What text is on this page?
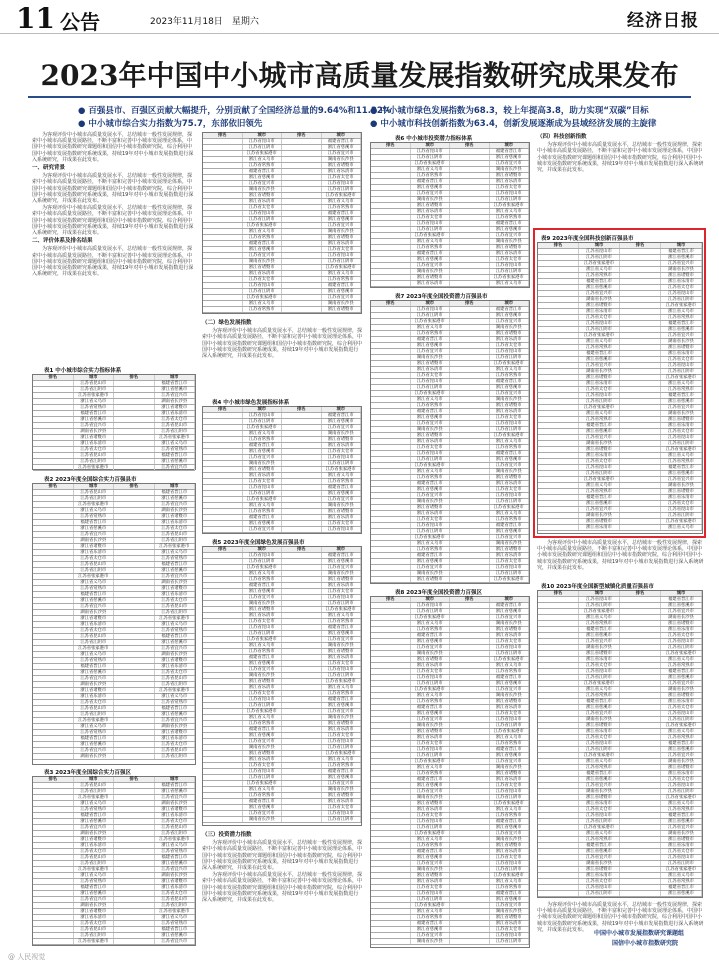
11 公告	2023年11月18日　 星期六	经济日报
2023年中国中小城市高质量发展指数研究成果发布
● 百强县市、百强区贡献大幅提升，分别贡献了全国经济总量的9.64%和11.22%
● 中小城市综合实力指数为75.7，东部依旧领先
● 中小城市绿色发展指数为68.3，较上年提高3.8，助力实现“双碳”目标
● 中小城市科技创新指数为63.4，创新发展逐渐成为县域经济发展的主旋律

为客观评价中小城市高质量发展水平，总结城市一般性发展规律，探索中小城市高质量发展路径，不断丰富和完善中小城市发展理论体系，中国中小城市发展指数研究课题组和国信中小城市指数研究院，综合利用中国中小城市发展指数研究系统成果，持续19年对中小城市发展指数进行深入系统研究，并成果在此发布。

一、研究背景

为客观评价中小城市高质量发展水平，总结城市一般性发展规律，探索中小城市高质量发展路径，不断丰富和完善中小城市发展理论体系，中国中小城市发展指数研究课题组和国信中小城市指数研究院，综合利用中国中小城市发展指数研究系统成果，持续19年对中小城市发展指数进行深入系统研究，并成果在此发布。

为客观评价中小城市高质量发展水平，总结城市一般性发展规律，探索中小城市高质量发展路径，不断丰富和完善中小城市发展理论体系，中国中小城市发展指数研究课题组和国信中小城市指数研究院，综合利用中国中小城市发展指数研究系统成果，持续19年对中小城市发展指数进行深入系统研究，并成果在此发布。

二、评价体系及排名结果

为客观评价中小城市高质量发展水平，总结城市一般性发展规律，探索中小城市高质量发展路径，不断丰富和完善中小城市发展理论体系，中国中小城市发展指数研究课题组和国信中小城市指数研究院，综合利用中国中小城市发展指数研究系统成果，持续19年对中小城市发展指数进行深入系统研究，并成果在此发布。

（二）绿色发展指数

为客观评价中小城市高质量发展水平，总结城市一般性发展规律，探索中小城市高质量发展路径，不断丰富和完善中小城市发展理论体系，中国中小城市发展指数研究课题组和国信中小城市指数研究院，综合利用中国中小城市发展指数研究系统成果，持续19年对中小城市发展指数进行深入系统研究，并成果在此发布。

（三）投资潜力指数

为客观评价中小城市高质量发展水平，总结城市一般性发展规律，探索中小城市高质量发展路径，不断丰富和完善中小城市发展理论体系，中国中小城市发展指数研究课题组和国信中小城市指数研究院，综合利用中国中小城市发展指数研究系统成果，持续19年对中小城市发展指数进行深入系统研究，并成果在此发布。

为客观评价中小城市高质量发展水平，总结城市一般性发展规律，探索中小城市高质量发展路径，不断丰富和完善中小城市发展理论体系，中国中小城市发展指数研究课题组和国信中小城市指数研究院，综合利用中国中小城市发展指数研究系统成果，持续19年对中小城市发展指数进行深入系统研究，并成果在此发布。

（四）科技创新指数

为客观评价中小城市高质量发展水平，总结城市一般性发展规律，探索中小城市高质量发展路径，不断丰富和完善中小城市发展理论体系，中国中小城市发展指数研究课题组和国信中小城市指数研究院，综合利用中国中小城市发展指数研究系统成果，持续19年对中小城市发展指数进行深入系统研究，并成果在此发布。

为客观评价中小城市高质量发展水平，总结城市一般性发展规律，探索中小城市高质量发展路径，不断丰富和完善中小城市发展理论体系，中国中小城市发展指数研究课题组和国信中小城市指数研究院，综合利用中国中小城市发展指数研究系统成果，持续19年对中小城市发展指数进行深入系统研究，并成果在此发布。

为客观评价中小城市高质量发展水平，总结城市一般性发展规律，探索中小城市高质量发展路径，不断丰富和完善中小城市发展理论体系，中国中小城市发展指数研究课题组和国信中小城市指数研究院，综合利用中国中小城市发展指数研究系统成果，持续19年对中小城市发展指数进行深入系统研究，并成果在此发布。

表1 中小城市综合实力指标体系
表2 2023年度全国综合实力百强县市
表3 2023年度全国综合实力百强区
表4 中小城市绿色发展指标体系
表5 2023年度全国绿色发展百强县市
表6 中小城市投资潜力指标体系
表7 2023年度全国投资潜力百强县市
表8 2023年度全国投资潜力百强区
表9 2023年度全国科技创新百强县市
表10 2023年度全国新型城镇化质量百强县市
排名	城市	排名	城市
江苏省昆山市	福建省晋江市
江苏省江阴市	浙江省慈溪市
江苏省张家港市	江苏省宜兴市
浙江省义乌市	湖南省长沙县
江苏省常熟市	浙江省诸暨市
福建省晋江市	浙江省乐清市
浙江省慈溪市	江苏省太仓市
江苏省宜兴市	江苏省昆山市
湖南省长沙县	江苏省江阴市
浙江省诸暨市	江苏省张家港市
浙江省乐清市	浙江省义乌市
江苏省太仓市	江苏省常熟市
江苏省昆山市	福建省晋江市
江苏省江阴市	浙江省慈溪市
江苏省张家港市	江苏省宜兴市
排名	城市	排名	城市
江苏省昆山市	福建省晋江市
江苏省江阴市	浙江省慈溪市
江苏省张家港市	江苏省宜兴市
浙江省义乌市	湖南省长沙县
江苏省常熟市	浙江省诸暨市
福建省晋江市	浙江省乐清市
浙江省慈溪市	江苏省太仓市
江苏省宜兴市	江苏省昆山市
湖南省长沙县	江苏省江阴市
浙江省诸暨市	江苏省张家港市
浙江省乐清市	浙江省义乌市
江苏省太仓市	江苏省常熟市
江苏省昆山市	福建省晋江市
江苏省江阴市	浙江省慈溪市
江苏省张家港市	江苏省宜兴市
浙江省义乌市	湖南省长沙县
江苏省常熟市	浙江省诸暨市
福建省晋江市	浙江省乐清市
浙江省慈溪市	江苏省太仓市
江苏省宜兴市	江苏省昆山市
湖南省长沙县	江苏省江阴市
浙江省诸暨市	江苏省张家港市
浙江省乐清市	浙江省义乌市
江苏省太仓市	江苏省常熟市
江苏省昆山市	福建省晋江市
江苏省江阴市	浙江省慈溪市
江苏省张家港市	江苏省宜兴市
浙江省义乌市	湖南省长沙县
江苏省常熟市	浙江省诸暨市
福建省晋江市	浙江省乐清市
浙江省慈溪市	江苏省太仓市
江苏省宜兴市	江苏省昆山市
湖南省长沙县	江苏省江阴市
浙江省诸暨市	江苏省张家港市
浙江省乐清市	浙江省义乌市
江苏省太仓市	江苏省常熟市
江苏省昆山市	福建省晋江市
江苏省江阴市	浙江省慈溪市
江苏省张家港市	江苏省宜兴市
浙江省义乌市	湖南省长沙县
江苏省常熟市	浙江省诸暨市
福建省晋江市	浙江省乐清市
浙江省慈溪市	江苏省太仓市
江苏省宜兴市	江苏省昆山市
湖南省长沙县	江苏省江阴市
排名	城市	排名	城市
江苏省昆山市	福建省晋江市
江苏省江阴市	浙江省慈溪市
江苏省张家港市	江苏省宜兴市
浙江省义乌市	湖南省长沙县
江苏省常熟市	浙江省诸暨市
福建省晋江市	浙江省乐清市
浙江省慈溪市	江苏省太仓市
江苏省宜兴市	江苏省昆山市
湖南省长沙县	江苏省江阴市
浙江省诸暨市	江苏省张家港市
浙江省乐清市	浙江省义乌市
江苏省太仓市	江苏省常熟市
江苏省昆山市	福建省晋江市
江苏省江阴市	浙江省慈溪市
江苏省张家港市	江苏省宜兴市
浙江省义乌市	湖南省长沙县
江苏省常熟市	浙江省诸暨市
福建省晋江市	浙江省乐清市
浙江省慈溪市	江苏省太仓市
江苏省宜兴市	江苏省昆山市
湖南省长沙县	江苏省江阴市
浙江省诸暨市	江苏省张家港市
浙江省乐清市	浙江省义乌市
江苏省太仓市	江苏省常熟市
江苏省昆山市	福建省晋江市
江苏省江阴市	浙江省慈溪市
江苏省张家港市	江苏省宜兴市
排名	城市	排名	城市
江苏省昆山市	福建省晋江市
江苏省江阴市	浙江省慈溪市
江苏省张家港市	江苏省宜兴市
浙江省义乌市	湖南省长沙县
江苏省常熟市	浙江省诸暨市
福建省晋江市	浙江省乐清市
浙江省慈溪市	江苏省太仓市
江苏省宜兴市	江苏省昆山市
湖南省长沙县	江苏省江阴市
浙江省诸暨市	江苏省张家港市
浙江省乐清市	浙江省义乌市
江苏省太仓市	江苏省常熟市
江苏省昆山市	福建省晋江市
江苏省江阴市	浙江省慈溪市
江苏省张家港市	江苏省宜兴市
浙江省义乌市	湖南省长沙县
江苏省常熟市	浙江省诸暨市
福建省晋江市	浙江省乐清市
浙江省慈溪市	江苏省太仓市
江苏省宜兴市	江苏省昆山市
湖南省长沙县	江苏省江阴市
浙江省诸暨市	江苏省张家港市
浙江省乐清市	浙江省义乌市
江苏省太仓市	江苏省常熟市
江苏省昆山市	福建省晋江市
江苏省江阴市	浙江省慈溪市
江苏省张家港市	江苏省宜兴市
浙江省义乌市	湖南省长沙县
江苏省常熟市	浙江省诸暨市
排名	城市	排名	城市
江苏省昆山市	福建省晋江市
江苏省江阴市	浙江省慈溪市
江苏省张家港市	江苏省宜兴市
浙江省义乌市	湖南省长沙县
江苏省常熟市	浙江省诸暨市
福建省晋江市	浙江省乐清市
浙江省慈溪市	江苏省太仓市
江苏省宜兴市	江苏省昆山市
湖南省长沙县	江苏省江阴市
浙江省诸暨市	江苏省张家港市
浙江省乐清市	浙江省义乌市
江苏省太仓市	江苏省常熟市
江苏省昆山市	福建省晋江市
江苏省江阴市	浙江省慈溪市
江苏省张家港市	江苏省宜兴市
浙江省义乌市	湖南省长沙县
江苏省常熟市	浙江省诸暨市
福建省晋江市	浙江省乐清市
浙江省慈溪市	江苏省太仓市
江苏省宜兴市	江苏省昆山市
排名	城市	排名	城市
江苏省昆山市	福建省晋江市
江苏省江阴市	浙江省慈溪市
江苏省张家港市	江苏省宜兴市
浙江省义乌市	湖南省长沙县
江苏省常熟市	浙江省诸暨市
福建省晋江市	浙江省乐清市
浙江省慈溪市	江苏省太仓市
江苏省宜兴市	江苏省昆山市
湖南省长沙县	江苏省江阴市
浙江省诸暨市	江苏省张家港市
浙江省乐清市	浙江省义乌市
江苏省太仓市	江苏省常熟市
江苏省昆山市	福建省晋江市
江苏省江阴市	浙江省慈溪市
江苏省张家港市	江苏省宜兴市
浙江省义乌市	湖南省长沙县
江苏省常熟市	浙江省诸暨市
福建省晋江市	浙江省乐清市
浙江省慈溪市	江苏省太仓市
江苏省宜兴市	江苏省昆山市
湖南省长沙县	江苏省江阴市
浙江省诸暨市	江苏省张家港市
浙江省乐清市	浙江省义乌市
江苏省太仓市	江苏省常熟市
江苏省昆山市	福建省晋江市
江苏省江阴市	浙江省慈溪市
江苏省张家港市	江苏省宜兴市
浙江省义乌市	湖南省长沙县
江苏省常熟市	浙江省诸暨市
福建省晋江市	浙江省乐清市
浙江省慈溪市	江苏省太仓市
江苏省宜兴市	江苏省昆山市
湖南省长沙县	江苏省江阴市
浙江省诸暨市	江苏省张家港市
浙江省乐清市	浙江省义乌市
江苏省太仓市	江苏省常熟市
江苏省昆山市	福建省晋江市
江苏省江阴市	浙江省慈溪市
江苏省张家港市	江苏省宜兴市
浙江省义乌市	湖南省长沙县
江苏省常熟市	浙江省诸暨市
福建省晋江市	浙江省乐清市
浙江省慈溪市	江苏省太仓市
江苏省宜兴市	江苏省昆山市
湖南省长沙县	江苏省江阴市
排名	城市	排名	城市
江苏省昆山市	福建省晋江市
江苏省江阴市	浙江省慈溪市
江苏省张家港市	江苏省宜兴市
浙江省义乌市	湖南省长沙县
江苏省常熟市	浙江省诸暨市
福建省晋江市	浙江省乐清市
浙江省慈溪市	江苏省太仓市
江苏省宜兴市	江苏省昆山市
湖南省长沙县	江苏省江阴市
浙江省诸暨市	江苏省张家港市
浙江省乐清市	浙江省义乌市
江苏省太仓市	江苏省常熟市
江苏省昆山市	福建省晋江市
江苏省江阴市	浙江省慈溪市
江苏省张家港市	江苏省宜兴市
浙江省义乌市	湖南省长沙县
江苏省常熟市	浙江省诸暨市
福建省晋江市	浙江省乐清市
浙江省慈溪市	江苏省太仓市
江苏省宜兴市	江苏省昆山市
湖南省长沙县	江苏省江阴市
浙江省诸暨市	江苏省张家港市
浙江省乐清市	浙江省义乌市
排名	城市	排名	城市
江苏省昆山市	福建省晋江市
江苏省江阴市	浙江省慈溪市
江苏省张家港市	江苏省宜兴市
浙江省义乌市	湖南省长沙县
江苏省常熟市	浙江省诸暨市
福建省晋江市	浙江省乐清市
浙江省慈溪市	江苏省太仓市
江苏省宜兴市	江苏省昆山市
湖南省长沙县	江苏省江阴市
浙江省诸暨市	江苏省张家港市
浙江省乐清市	浙江省义乌市
江苏省太仓市	江苏省常熟市
江苏省昆山市	福建省晋江市
江苏省江阴市	浙江省慈溪市
江苏省张家港市	江苏省宜兴市
浙江省义乌市	湖南省长沙县
江苏省常熟市	浙江省诸暨市
福建省晋江市	浙江省乐清市
浙江省慈溪市	江苏省太仓市
江苏省宜兴市	江苏省昆山市
湖南省长沙县	江苏省江阴市
浙江省诸暨市	江苏省张家港市
浙江省乐清市	浙江省义乌市
江苏省太仓市	江苏省常熟市
江苏省昆山市	福建省晋江市
江苏省江阴市	浙江省慈溪市
江苏省张家港市	江苏省宜兴市
浙江省义乌市	湖南省长沙县
江苏省常熟市	浙江省诸暨市
福建省晋江市	浙江省乐清市
浙江省慈溪市	江苏省太仓市
江苏省宜兴市	江苏省昆山市
湖南省长沙县	江苏省江阴市
浙江省诸暨市	江苏省张家港市
浙江省乐清市	浙江省义乌市
江苏省太仓市	江苏省常熟市
江苏省昆山市	福建省晋江市
江苏省江阴市	浙江省慈溪市
江苏省张家港市	江苏省宜兴市
浙江省义乌市	湖南省长沙县
江苏省常熟市	浙江省诸暨市
福建省晋江市	浙江省乐清市
浙江省慈溪市	江苏省太仓市
江苏省宜兴市	江苏省昆山市
湖南省长沙县	江苏省江阴市
浙江省诸暨市	江苏省张家港市
排名	城市	排名	城市
江苏省昆山市	福建省晋江市
江苏省江阴市	浙江省慈溪市
江苏省张家港市	江苏省宜兴市
浙江省义乌市	湖南省长沙县
江苏省常熟市	浙江省诸暨市
福建省晋江市	浙江省乐清市
浙江省慈溪市	江苏省太仓市
江苏省宜兴市	江苏省昆山市
湖南省长沙县	江苏省江阴市
浙江省诸暨市	江苏省张家港市
浙江省乐清市	浙江省义乌市
江苏省太仓市	江苏省常熟市
江苏省昆山市	福建省晋江市
江苏省江阴市	浙江省慈溪市
江苏省张家港市	江苏省宜兴市
浙江省义乌市	湖南省长沙县
江苏省常熟市	浙江省诸暨市
福建省晋江市	浙江省乐清市
浙江省慈溪市	江苏省太仓市
江苏省宜兴市	江苏省昆山市
湖南省长沙县	江苏省江阴市
浙江省诸暨市	江苏省张家港市
浙江省乐清市	浙江省义乌市
江苏省太仓市	江苏省常熟市
江苏省昆山市	福建省晋江市
江苏省江阴市	浙江省慈溪市
江苏省张家港市	江苏省宜兴市
浙江省义乌市	湖南省长沙县
江苏省常熟市	浙江省诸暨市
福建省晋江市	浙江省乐清市
浙江省慈溪市	江苏省太仓市
江苏省宜兴市	江苏省昆山市
湖南省长沙县	江苏省江阴市
浙江省诸暨市	江苏省张家港市
浙江省乐清市	浙江省义乌市
江苏省太仓市	江苏省常熟市
江苏省昆山市	福建省晋江市
江苏省江阴市	浙江省慈溪市
江苏省张家港市	江苏省宜兴市
浙江省义乌市	湖南省长沙县
江苏省常熟市	浙江省诸暨市
福建省晋江市	浙江省乐清市
浙江省慈溪市	江苏省太仓市
江苏省宜兴市	江苏省昆山市
湖南省长沙县	江苏省江阴市
浙江省诸暨市	江苏省张家港市
浙江省乐清市	浙江省义乌市
江苏省太仓市	江苏省常熟市
江苏省昆山市	福建省晋江市
江苏省江阴市	浙江省慈溪市
江苏省张家港市	江苏省宜兴市
浙江省义乌市	湖南省长沙县
江苏省常熟市	浙江省诸暨市
福建省晋江市	浙江省乐清市
浙江省慈溪市	江苏省太仓市
江苏省宜兴市	江苏省昆山市
湖南省长沙县	江苏省江阴市
排名	城市	排名	城市
江苏省昆山市	福建省晋江市
江苏省江阴市	浙江省慈溪市
江苏省张家港市	江苏省宜兴市
浙江省义乌市	湖南省长沙县
江苏省常熟市	浙江省诸暨市
福建省晋江市	浙江省乐清市
浙江省慈溪市	江苏省太仓市
江苏省宜兴市	江苏省昆山市
湖南省长沙县	江苏省江阴市
浙江省诸暨市	江苏省张家港市
浙江省乐清市	浙江省义乌市
江苏省太仓市	江苏省常熟市
江苏省昆山市	福建省晋江市
江苏省江阴市	浙江省慈溪市
江苏省张家港市	江苏省宜兴市
浙江省义乌市	湖南省长沙县
江苏省常熟市	浙江省诸暨市
福建省晋江市	浙江省乐清市
浙江省慈溪市	江苏省太仓市
江苏省宜兴市	江苏省昆山市
湖南省长沙县	江苏省江阴市
浙江省诸暨市	江苏省张家港市
浙江省乐清市	浙江省义乌市
江苏省太仓市	江苏省常熟市
江苏省昆山市	福建省晋江市
江苏省江阴市	浙江省慈溪市
江苏省张家港市	江苏省宜兴市
浙江省义乌市	湖南省长沙县
江苏省常熟市	浙江省诸暨市
福建省晋江市	浙江省乐清市
浙江省慈溪市	江苏省太仓市
江苏省宜兴市	江苏省昆山市
湖南省长沙县	江苏省江阴市
浙江省诸暨市	江苏省张家港市
浙江省乐清市	浙江省义乌市
江苏省太仓市	江苏省常熟市
江苏省昆山市	福建省晋江市
江苏省江阴市	浙江省慈溪市
江苏省张家港市	江苏省宜兴市
浙江省义乌市	湖南省长沙县
江苏省常熟市	浙江省诸暨市
福建省晋江市	浙江省乐清市
浙江省慈溪市	江苏省太仓市
江苏省宜兴市	江苏省昆山市
湖南省长沙县	江苏省江阴市
浙江省诸暨市	江苏省张家港市
浙江省乐清市	浙江省义乌市
排名	城市	排名	城市
江苏省昆山市	福建省晋江市
江苏省江阴市	浙江省慈溪市
江苏省张家港市	江苏省宜兴市
浙江省义乌市	湖南省长沙县
江苏省常熟市	浙江省诸暨市
福建省晋江市	浙江省乐清市
浙江省慈溪市	江苏省太仓市
江苏省宜兴市	江苏省昆山市
湖南省长沙县	江苏省江阴市
浙江省诸暨市	江苏省张家港市
浙江省乐清市	浙江省义乌市
江苏省太仓市	江苏省常熟市
江苏省昆山市	福建省晋江市
江苏省江阴市	浙江省慈溪市
江苏省张家港市	江苏省宜兴市
浙江省义乌市	湖南省长沙县
江苏省常熟市	浙江省诸暨市
福建省晋江市	浙江省乐清市
浙江省慈溪市	江苏省太仓市
江苏省宜兴市	江苏省昆山市
湖南省长沙县	江苏省江阴市
浙江省诸暨市	江苏省张家港市
浙江省乐清市	浙江省义乌市
江苏省太仓市	江苏省常熟市
江苏省昆山市	福建省晋江市
江苏省江阴市	浙江省慈溪市
江苏省张家港市	江苏省宜兴市
浙江省义乌市	湖南省长沙县
江苏省常熟市	浙江省诸暨市
福建省晋江市	浙江省乐清市
浙江省慈溪市	江苏省太仓市
江苏省宜兴市	江苏省昆山市
湖南省长沙县	江苏省江阴市
浙江省诸暨市	江苏省张家港市
浙江省乐清市	浙江省义乌市
江苏省太仓市	江苏省常熟市
江苏省昆山市	福建省晋江市
江苏省江阴市	浙江省慈溪市
江苏省张家港市	江苏省宜兴市
浙江省义乌市	湖南省长沙县
江苏省常熟市	浙江省诸暨市
福建省晋江市	浙江省乐清市
浙江省慈溪市	江苏省太仓市
江苏省宜兴市	江苏省昆山市
湖南省长沙县	江苏省江阴市
浙江省诸暨市	江苏省张家港市
浙江省乐清市	浙江省义乌市
江苏省太仓市	江苏省常熟市
江苏省昆山市	福建省晋江市
江苏省江阴市	浙江省慈溪市
中国中小城市发展指数研究课题组
国信中小城市指数研究院
@ 人民视觉
